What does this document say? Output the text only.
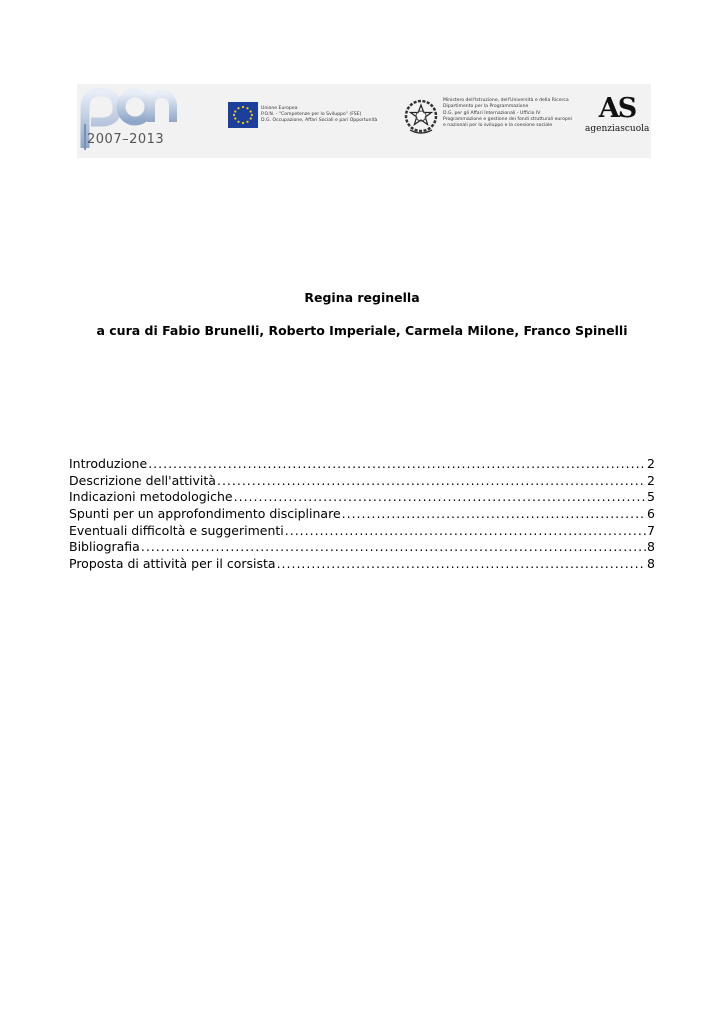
2007–2013
Unione Europea
P.O.N. - "Competenze per lo Sviluppo" (FSE)
D.G. Occupazione, Affari Sociali e pari Opportunità
Ministero dell'Istruzione, dell'Università e della Ricerca
Dipartimento per la Programmazione
D.G. per gli Affari Internazionali - Ufficio IV
Programmazione e gestione dei fondi strutturali europei
e nazionali per lo sviluppo e la coesione sociale
AS
agenziascuola
Regina reginella
a cura di Fabio Brunelli, Roberto Imperiale, Carmela Milone, Franco Spinelli
Introduzione .....	2
Descrizione dell'attività .....	2
Indicazioni metodologiche .....	5
Spunti per un approfondimento disciplinare .....	6
Eventuali difficoltà e suggerimenti .....	7
Bibliografia .....	8
Proposta di attività per il corsista .....	8
